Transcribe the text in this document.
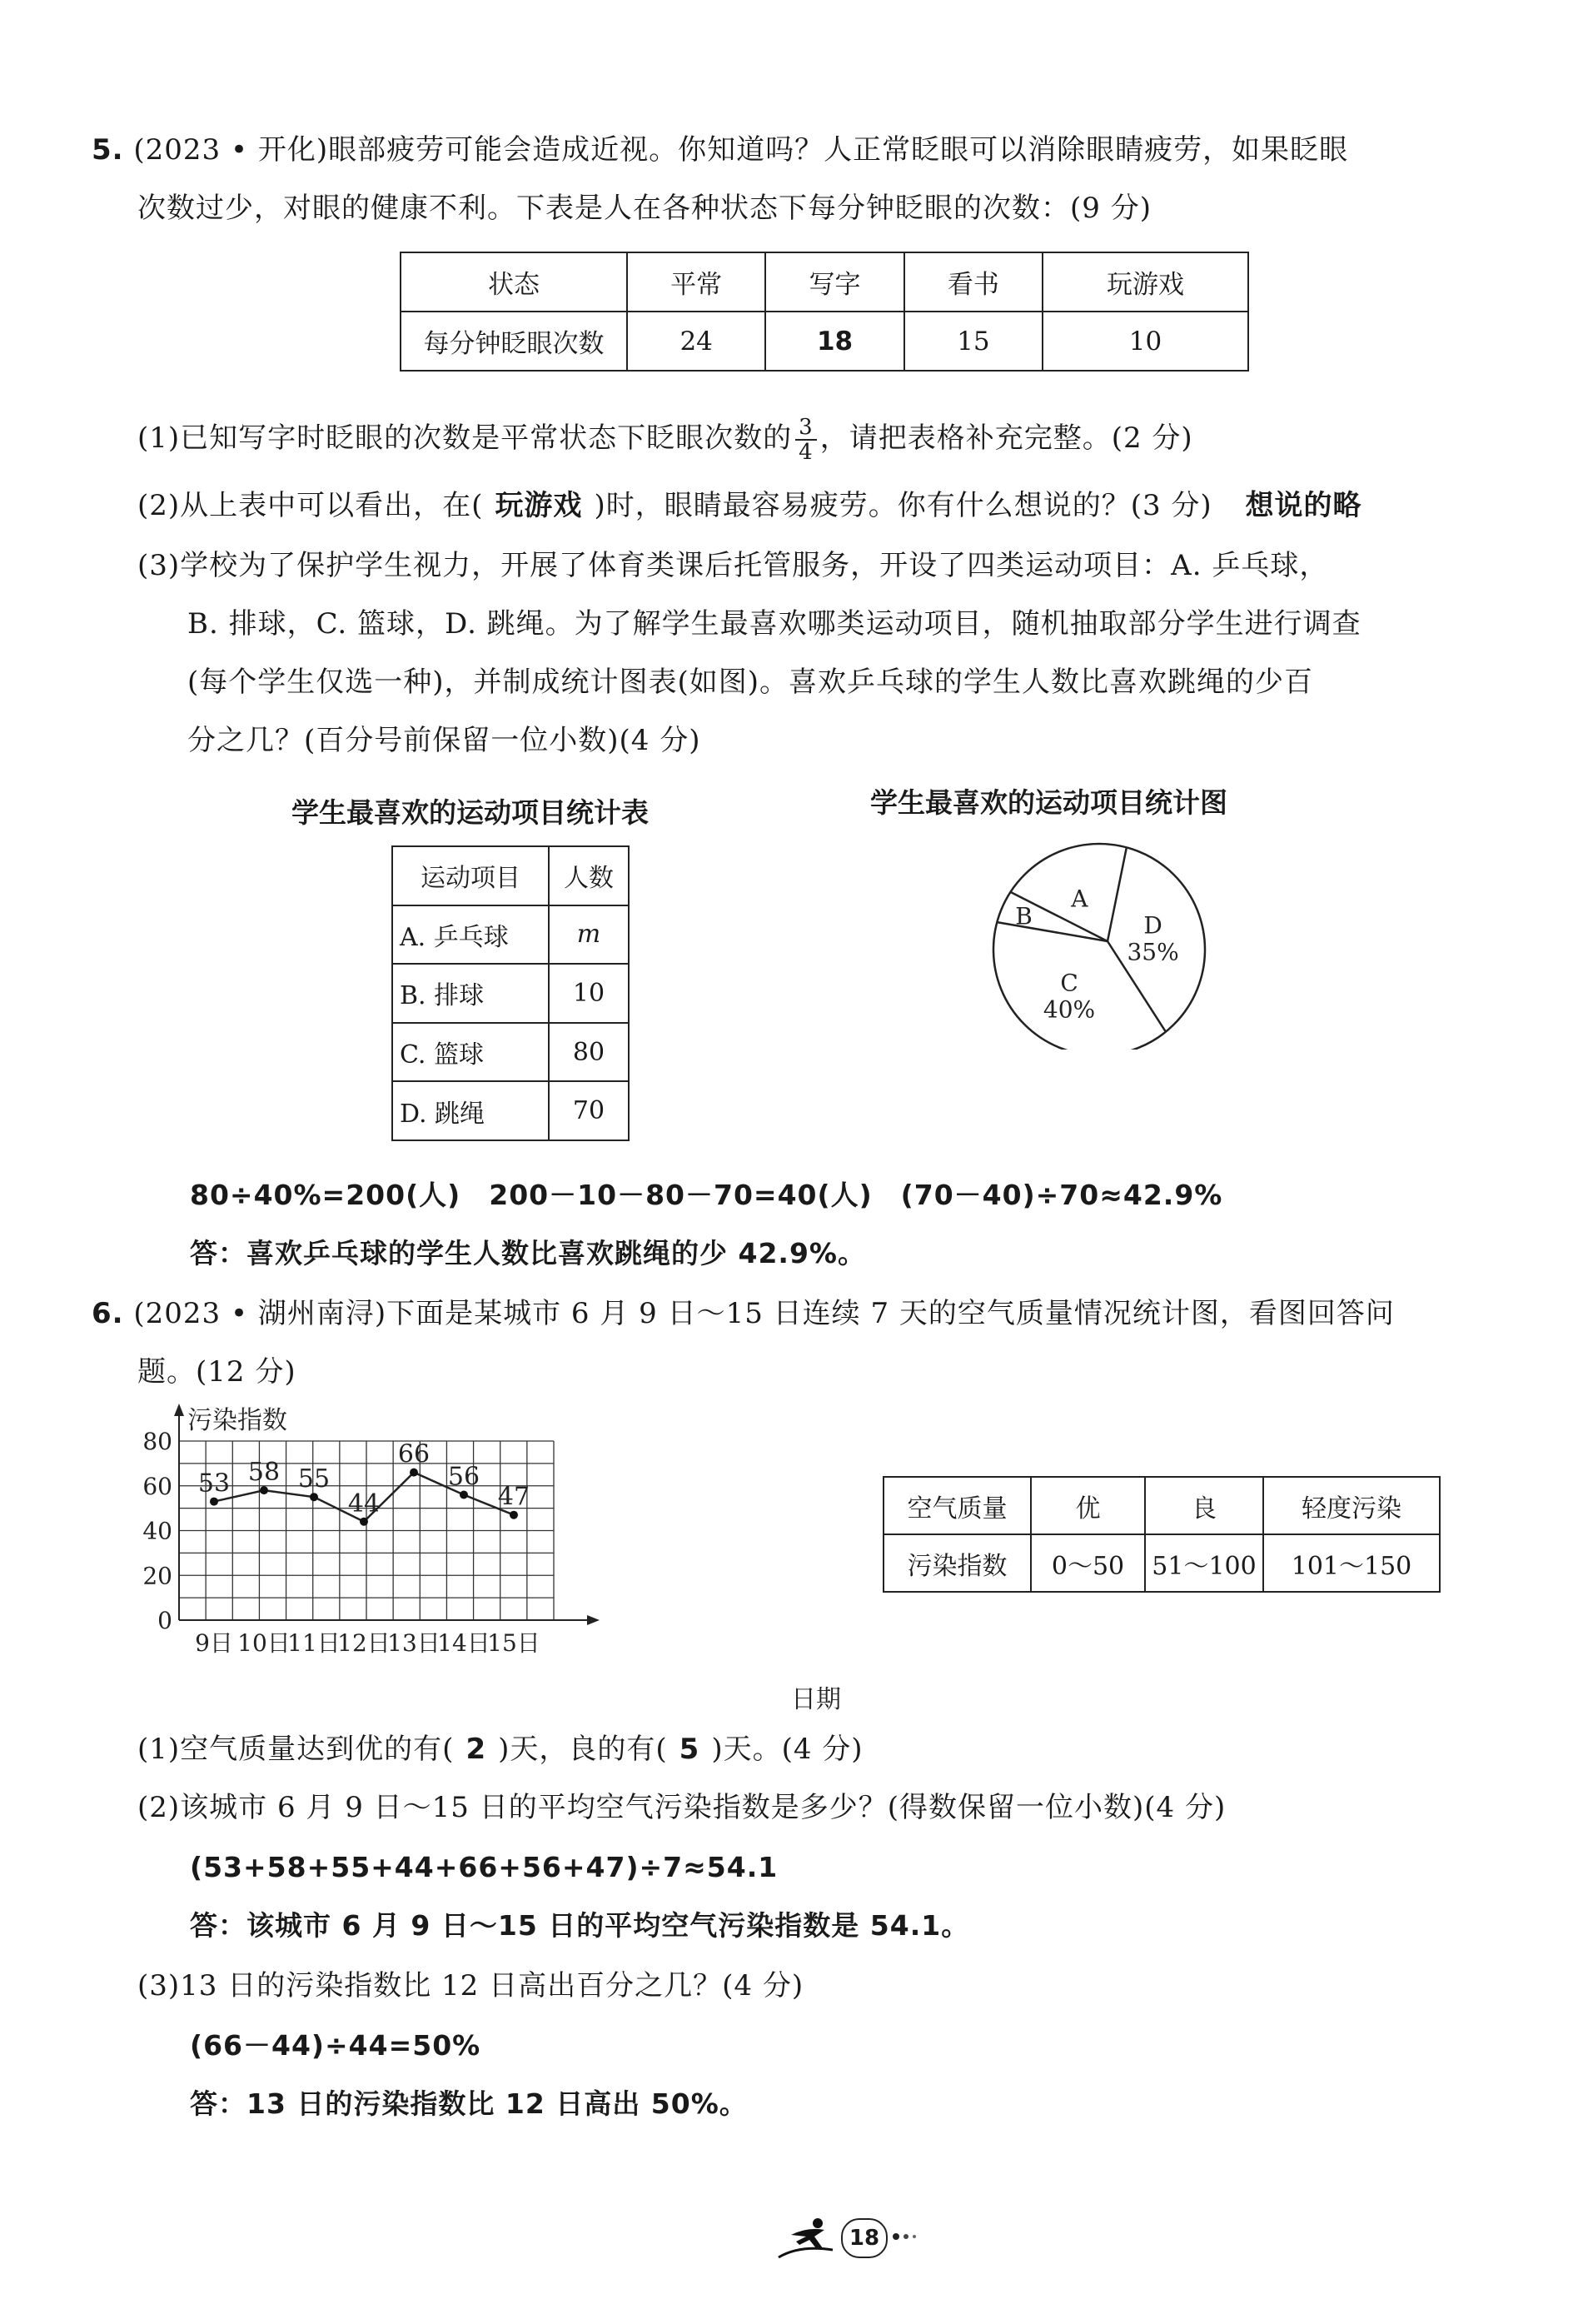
5. (2023 • 开化)眼部疲劳可能会造成近视。你知道吗？人正常眨眼可以消除眼睛疲劳，如果眨眼
次数过少，对眼的健康不利。下表是人在各种状态下每分钟眨眼的次数：(9 分)
状态	平常	写字	看书	玩游戏
每分钟眨眼次数	24	18	15	10
(1)已知写字时眨眼的次数是平常状态下眨眼次数的 $\frac{3}{4}$ ，请把表格补充完整。(2 分)
(2)从上表中可以看出，在( 玩游戏 )时，眼睛最容易疲劳。你有什么想说的？(3 分) 想说的略
(3)学校为了保护学生视力，开展了体育类课后托管服务，开设了四类运动项目：A. 乒乓球，
B. 排球，C. 篮球，D. 跳绳。为了解学生最喜欢哪类运动项目，随机抽取部分学生进行调查
(每个学生仅选一种)，并制成统计图表(如图)。喜欢乒乓球的学生人数比喜欢跳绳的少百
分之几？(百分号前保留一位小数)(4 分)
学生最喜欢的运动项目统计表
运动项目	人数
A. 乒乓球	m
B. 排球	10
C. 篮球	80
D. 跳绳	70
学生最喜欢的运动项目统计图
D 35%
C 40%
B
A
80÷40%=200(人)　200－10－80－70=40(人)　(70－40)÷70≈42.9%
答：喜欢乒乓球的学生人数比喜欢跳绳的少 42.9%。
6. (2023 • 湖州南浔)下面是某城市 6 月 9 日～15 日连续 7 天的空气质量情况统计图，看图回答问
题。(12 分)
0
20
40
60
80
9日 10日
11日
12日
13日
14日
15日
53 58 55
44
66
56
47
污染指数
日期
空气质量	优	良	轻度污染
污染指数	0～50	51～100	101～150
(1)空气质量达到优的有( 2 )天，良的有( 5 )天。(4 分)
(2)该城市 6 月 9 日～15 日的平均空气污染指数是多少？(得数保留一位小数)(4 分)
(53+58+55+44+66+56+47)÷7≈54.1
答：该城市 6 月 9 日～15 日的平均空气污染指数是 54.1。
(3)13 日的污染指数比 12 日高出百分之几？(4 分)
(66－44)÷44=50%
答：13 日的污染指数比 12 日高出 50%。
18
